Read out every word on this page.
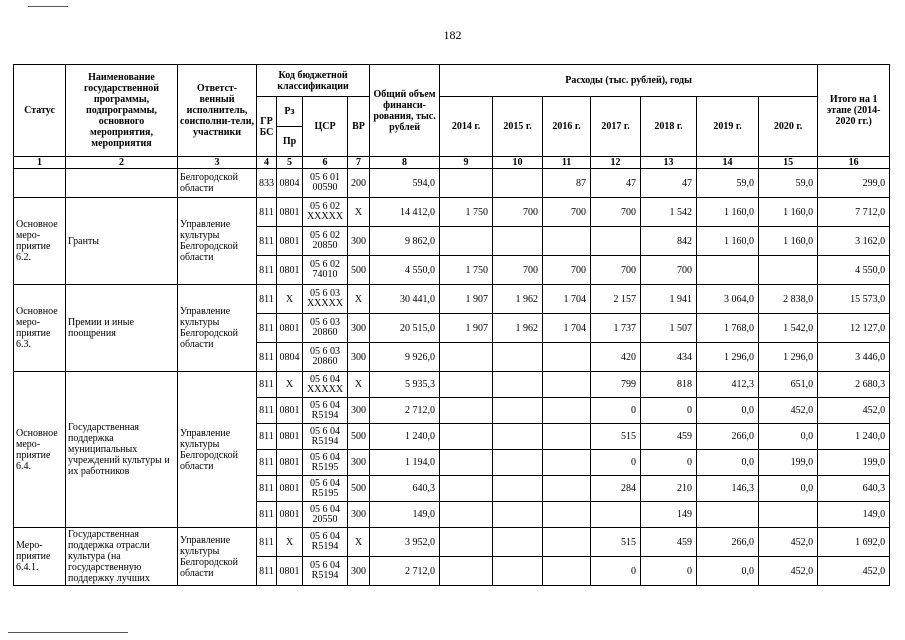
182
Статус	Наименование государственной программы, подпрограммы, основного мероприятия, мероприятия	Ответст-венный исполнитель, соисполни-тели, участники	Код бюджетной классификации				Общий объем финанси-рования, тыс. рублей	Расходы (тыс. рублей), годы							Итого на 1 этапе (2014-2020 гг.)
			ГР БС	Рз	ЦСР	ВР		2014 г.	2015 г.	2016 г.	2017 г.	2018 г.	2019 г.	2020 г.	
				Пр											
1	2	3	4	5	6	7	8	9	10	11	12	13	14	15	16
		Белгородской области	833	0804	05 6 01 00590	200	594,0			87	47	47	59,0	59,0	299,0
Основное меро-приятие 6.2.	Гранты	Управление культуры Белгородской области	811	0801	05 6 02 XXXXX	X	14 412,0	1 750	700	700	700	1 542	1 160,0	1 160,0	7 712,0
			811	0801	05 6 02 20850	300	9 862,0					842	1 160,0	1 160,0	3 162,0
			811	0801	05 6 02 74010	500	4 550,0	1 750	700	700	700	700			4 550,0
Основное меро-приятие 6.3.	Премии и иные поощрения	Управление культуры Белгородской области	811	X	05 6 03 XXXXX	X	30 441,0	1 907	1 962	1 704	2 157	1 941	3 064,0	2 838,0	15 573,0
			811	0801	05 6 03 20860	300	20 515,0	1 907	1 962	1 704	1 737	1 507	1 768,0	1 542,0	12 127,0
			811	0804	05 6 03 20860	300	9 926,0				420	434	1 296,0	1 296,0	3 446,0
Основное меро-приятие 6.4.	Государственная поддержка муниципальных учреждений культуры и их работников	Управление культуры Белгородской области	811	X	05 6 04 XXXXX	X	5 935,3				799	818	412,3	651,0	2 680,3
			811	0801	05 6 04 R5194	300	2 712,0				0	0	0,0	452,0	452,0
			811	0801	05 6 04 R5194	500	1 240,0				515	459	266,0	0,0	1 240,0
			811	0801	05 6 04 R5195	300	1 194,0				0	0	0,0	199,0	199,0
			811	0801	05 6 04 R5195	500	640,3				284	210	146,3	0,0	640,3
			811	0801	05 6 04 20550	300	149,0					149			149,0
Меро-приятие 6.4.1.	Государственная поддержка отрасли культура (на государственную поддержку лучших	Управление культуры Белгородской области	811	X	05 6 04 R5194	X	3 952,0				515	459	266,0	452,0	1 692,0
			811	0801	05 6 04 R5194	300	2 712,0				0	0	0,0	452,0	452,0
